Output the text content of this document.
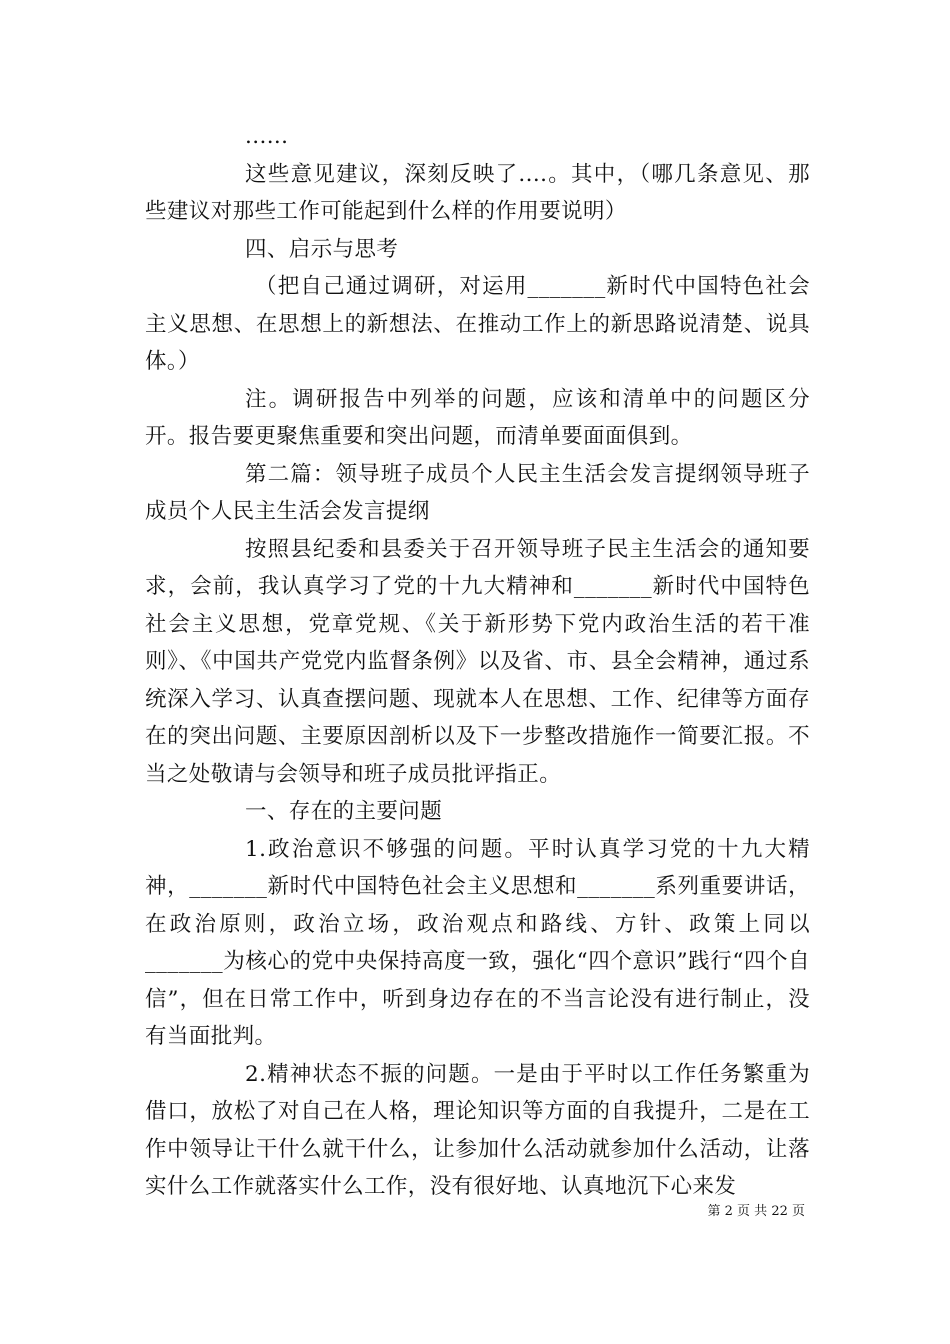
......

这些意见建议，深刻反映了....。其中，（哪几条意见、那些建议对那些工作可能起到什么样的作用要说明）

四、启示与思考

（把自己通过调研，对运用_______新时代中国特色社会主义思想、在思想上的新想法、在推动工作上的新思路说清楚、说具体。）

注。调研报告中列举的问题，应该和清单中的问题区分开。报告要更聚焦重要和突出问题，而清单要面面俱到。

第二篇：领导班子成员个人民主生活会发言提纲领导班子成员个人民主生活会发言提纲

按照县纪委和县委关于召开领导班子民主生活会的通知要求，会前，我认真学习了党的十九大精神和_______新时代中国特色社会主义思想，党章党规、《关于新形势下党内政治生活的若干准则》、《中国共产党党内监督条例》以及省、市、县全会精神，通过系统深入学习、认真查摆问题、现就本人在思想、工作、纪律等方面存在的突出问题、主要原因剖析以及下一步整改措施作一简要汇报。不当之处敬请与会领导和班子成员批评指正。

一、存在的主要问题

1.政治意识不够强的问题。平时认真学习党的十九大精神，_______新时代中国特色社会主义思想和_______系列重要讲话，在政治原则，政治立场，政治观点和路线、方针、政策上同以_______为核心的党中央保持高度一致，强化“四个意识”践行“四个自信”，但在日常工作中，听到身边存在的不当言论没有进行制止，没有当面批判。

2.精神状态不振的问题。一是由于平时以工作任务繁重为借口，放松了对自己在人格，理论知识等方面的自我提升，二是在工作中领导让干什么就干什么，让参加什么活动就参加什么活动，让落实什么工作就落实什么工作，没有很好地、认真地沉下心来发

第 2 页 共 22 页
